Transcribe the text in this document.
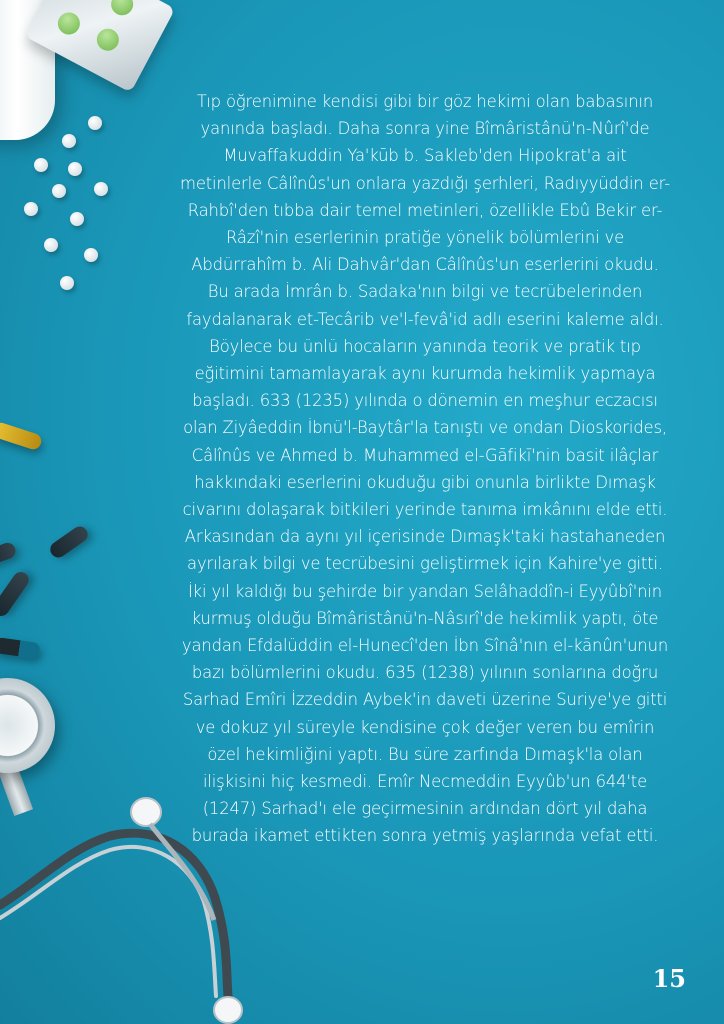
Tıp öğrenimine kendisi gibi bir göz hekimi olan babasının yanında başladı. Daha sonra yine Bîmâristânü'n-Nûrî'de Muvaffakuddin Ya'kūb b. Sakleb'den Hipokrat'a ait metinlerle Câlînûs'un onlara yazdığı şerhleri, Radıyyüddin er-Rahbî'den tıbba dair temel metinleri, özellikle Ebû Bekir er-Râzî'nin eserlerinin pratiğe yönelik bölümlerini ve Abdürrahîm b. Ali Dahvâr'dan Câlînûs'un eserlerini okudu. Bu arada İmrân b. Sadaka'nın bilgi ve tecrübelerinden faydalanarak et-Tecârib ve'l-fevâ'id adlı eserini kaleme aldı. Böylece bu ünlü hocaların yanında teorik ve pratik tıp eğitimini tamamlayarak aynı kurumda hekimlik yapmaya başladı. 633 (1235) yılında o dönemin en meşhur eczacısı olan Ziyâeddin İbnü'l-Baytâr'la tanıştı ve ondan Dioskorides, Câlînûs ve Ahmed b. Muhammed el-Gāfikī'nin basit ilâçlar hakkındaki eserlerini okuduğu gibi onunla birlikte Dımaşk civarını dolaşarak bitkileri yerinde tanıma imkânını elde etti. Arkasından da aynı yıl içerisinde Dımaşk'taki hastahaneden ayrılarak bilgi ve tecrübesini geliştirmek için Kahire'ye gitti. İki yıl kaldığı bu şehirde bir yandan Selâhaddîn-i Eyyûbî'nin kurmuş olduğu Bîmâristânü'n-Nâsırî'de hekimlik yaptı, öte yandan Efdalüddin el-Hunecî'den İbn Sînâ'nın el-kānûn'unun bazı bölümlerini okudu. 635 (1238) yılının sonlarına doğru Sarhad Emîri İzzeddin Aybek'in daveti üzerine Suriye'ye gitti ve dokuz yıl süreyle kendisine çok değer veren bu emîrin özel hekimliğini yaptı. Bu süre zarfında Dımaşk'la olan ilişkisini hiç kesmedi. Emîr Necmeddin Eyyûb'un 644'te (1247) Sarhad'ı ele geçirmesinin ardından dört yıl daha burada ikamet ettikten sonra yetmiş yaşlarında vefat etti.
15
